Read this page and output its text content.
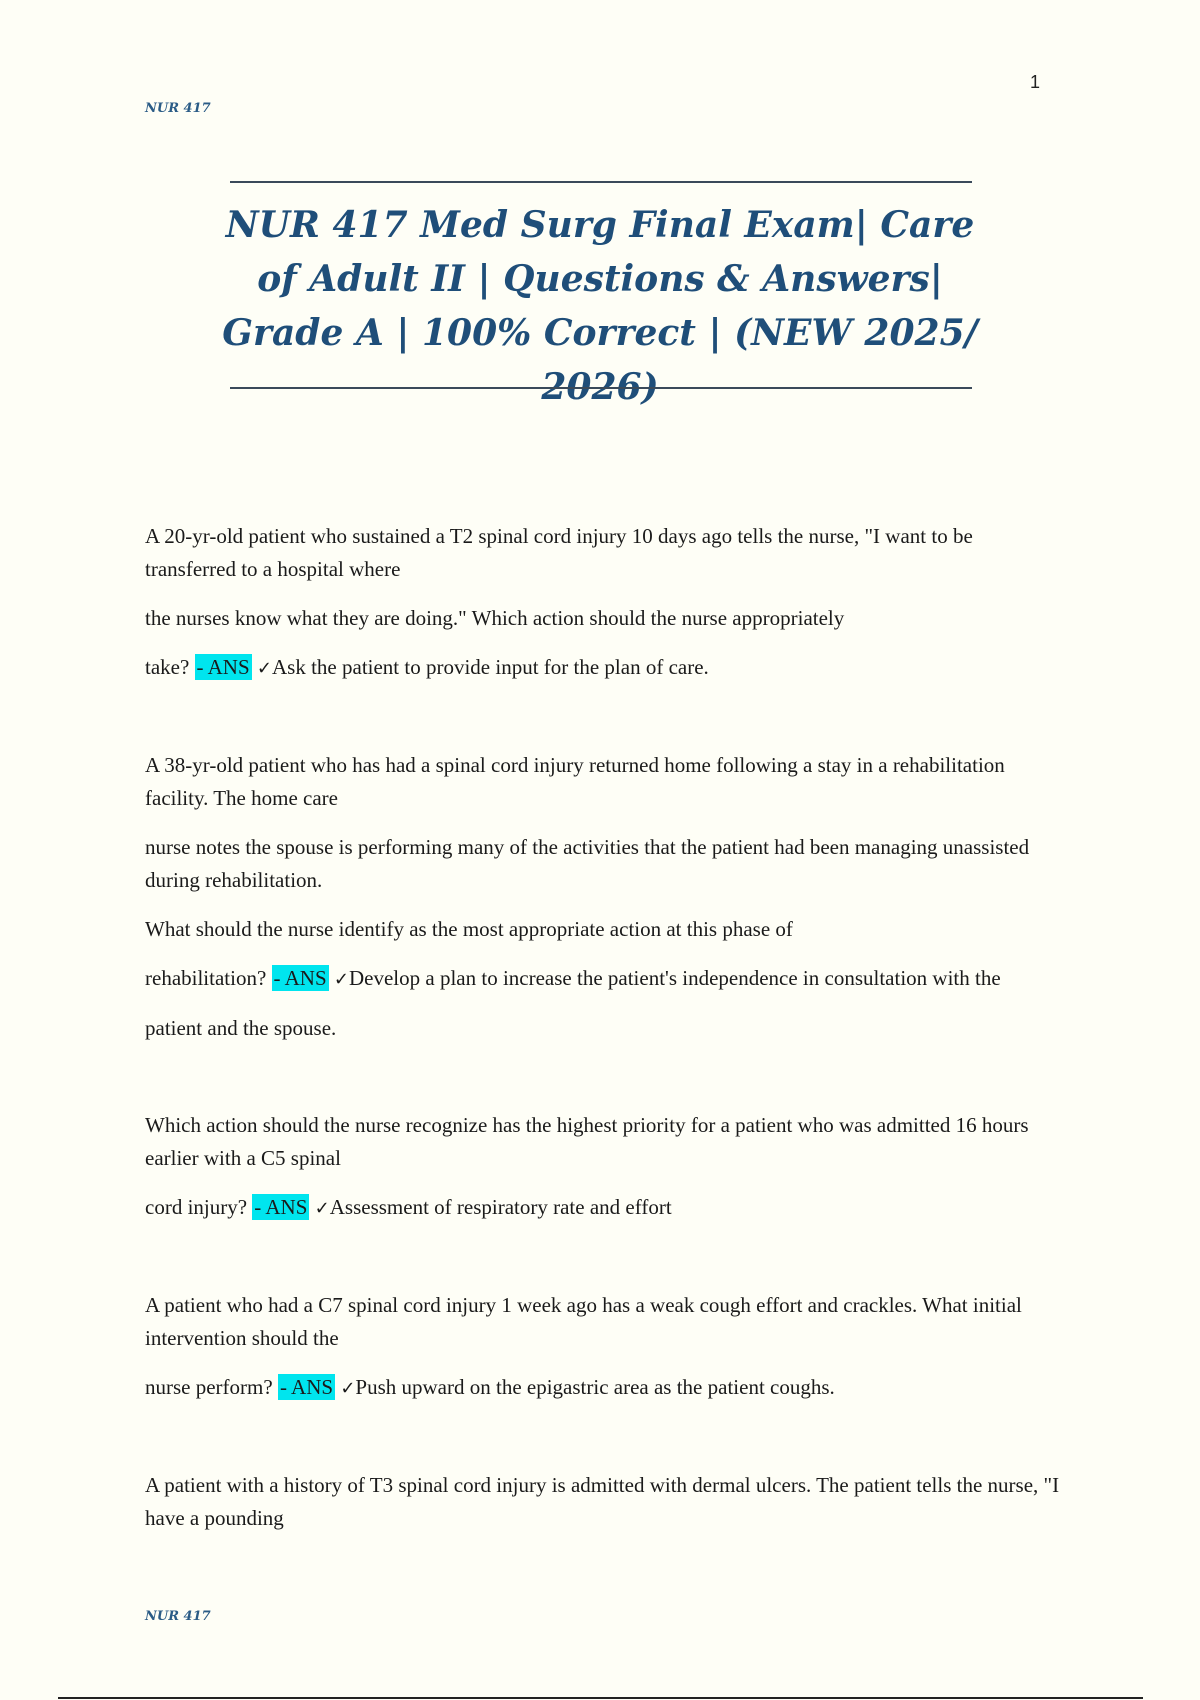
1
NUR 417
NUR 417 Med Surg Final Exam| Care of Adult II | Questions & Answers| Grade A | 100% Correct | (NEW 2025/ 2026)

A 20-yr-old patient who sustained a T2 spinal cord injury 10 days ago tells the nurse, "I want to be transferred to a hospital where

the nurses know what they are doing." Which action should the nurse appropriately

take? - ANS ✓Ask the patient to provide input for the plan of care.

A 38-yr-old patient who has had a spinal cord injury returned home following a stay in a rehabilitation facility. The home care

nurse notes the spouse is performing many of the activities that the patient had been managing unassisted during rehabilitation.

What should the nurse identify as the most appropriate action at this phase of

rehabilitation? - ANS ✓Develop a plan to increase the patient's independence in consultation with the

patient and the spouse.

Which action should the nurse recognize has the highest priority for a patient who was admitted 16 hours earlier with a C5 spinal

cord injury? - ANS ✓Assessment of respiratory rate and effort

A patient who had a C7 spinal cord injury 1 week ago has a weak cough effort and crackles. What initial intervention should the

nurse perform? - ANS ✓Push upward on the epigastric area as the patient coughs.

A patient with a history of T3 spinal cord injury is admitted with dermal ulcers. The patient tells the nurse, "I have a pounding

NUR 417
